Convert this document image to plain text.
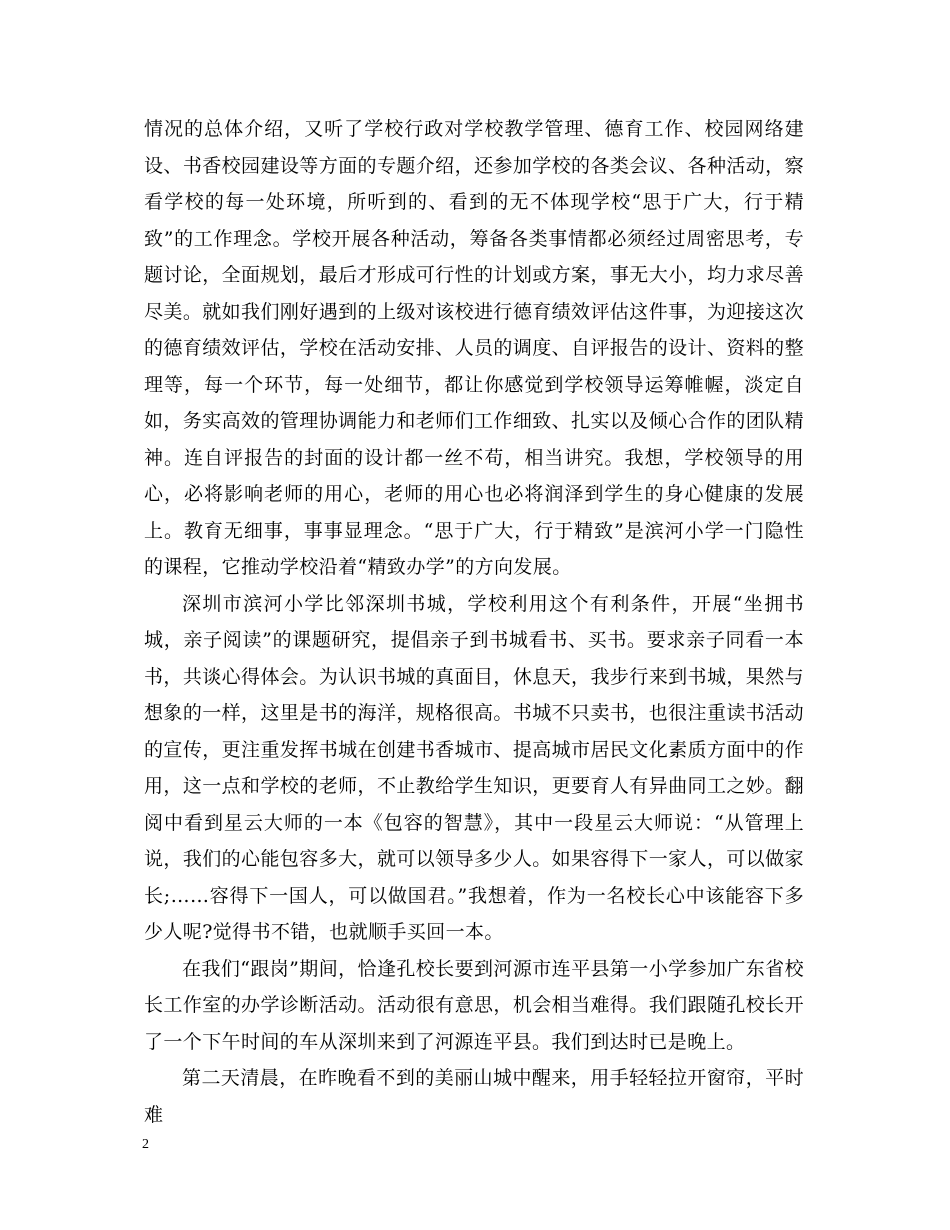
情况的总体介绍，又听了学校行政对学校教学管理、德育工作、校园网络建设、书香校园建设等方面的专题介绍，还参加学校的各类会议、各种活动，察看学校的每一处环境，所听到的、看到的无不体现学校“思于广大，行于精致”的工作理念。学校开展各种活动，筹备各类事情都必须经过周密思考，专题讨论，全面规划，最后才形成可行性的计划或方案，事无大小，均力求尽善尽美。就如我们刚好遇到的上级对该校进行德育绩效评估这件事，为迎接这次的德育绩效评估，学校在活动安排、人员的调度、自评报告的设计、资料的整理等，每一个环节，每一处细节，都让你感觉到学校领导运筹帷幄，淡定自如，务实高效的管理协调能力和老师们工作细致、扎实以及倾心合作的团队精神。连自评报告的封面的设计都一丝不苟，相当讲究。我想，学校领导的用心，必将影响老师的用心，老师的用心也必将润泽到学生的身心健康的发展上。教育无细事，事事显理念。“思于广大，行于精致”是滨河小学一门隐性的课程，它推动学校沿着“精致办学”的方向发展。

深圳市滨河小学比邻深圳书城，学校利用这个有利条件，开展“坐拥书城，亲子阅读”的课题研究，提倡亲子到书城看书、买书。要求亲子同看一本书，共谈心得体会。为认识书城的真面目，休息天，我步行来到书城，果然与想象的一样，这里是书的海洋，规格很高。书城不只卖书，也很注重读书活动的宣传，更注重发挥书城在创建书香城市、提高城市居民文化素质方面中的作用，这一点和学校的老师，不止教给学生知识，更要育人有异曲同工之妙。翻阅中看到星云大师的一本《包容的智慧》，其中一段星云大师说：“从管理上说，我们的心能包容多大，就可以领导多少人。如果容得下一家人，可以做家长;……容得下一国人，可以做国君。”我想着，作为一名校长心中该能容下多少人呢?觉得书不错，也就顺手买回一本。

在我们“跟岗”期间，恰逢孔校长要到河源市连平县第一小学参加广东省校长工作室的办学诊断活动。活动很有意思，机会相当难得。我们跟随孔校长开了一个下午时间的车从深圳来到了河源连平县。我们到达时已是晚上。

第二天清晨，在昨晚看不到的美丽山城中醒来，用手轻轻拉开窗帘，平时难

2
